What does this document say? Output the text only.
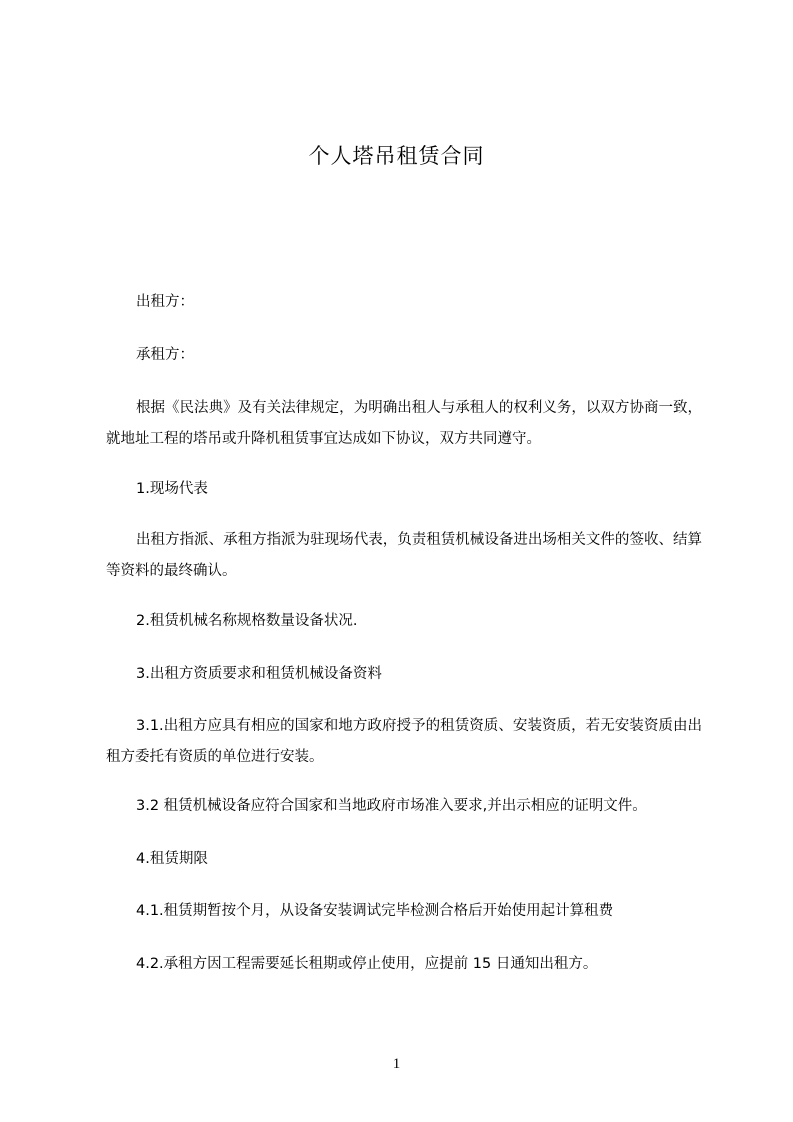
个人塔吊租赁合同

出租方：

承租方：

根据《民法典》及有关法律规定，为明确出租人与承租人的权利义务，以双方协商一致，就地址工程的塔吊或升降机租赁事宜达成如下协议，双方共同遵守。

1.现场代表

出租方指派、承租方指派为驻现场代表，负责租赁机械设备进出场相关文件的签收、结算等资料的最终确认。

2.租赁机械名称规格数量设备状况.

3.出租方资质要求和租赁机械设备资料

3.1.出租方应具有相应的国家和地方政府授予的租赁资质、安装资质，若无安装资质由出租方委托有资质的单位进行安装。

3.2 租赁机械设备应符合国家和当地政府市场准入要求,并出示相应的证明文件。

4.租赁期限

4.1.租赁期暂按个月，从设备安装调试完毕检测合格后开始使用起计算租费

4.2.承租方因工程需要延长租期或停止使用，应提前 15 日通知出租方。

1
